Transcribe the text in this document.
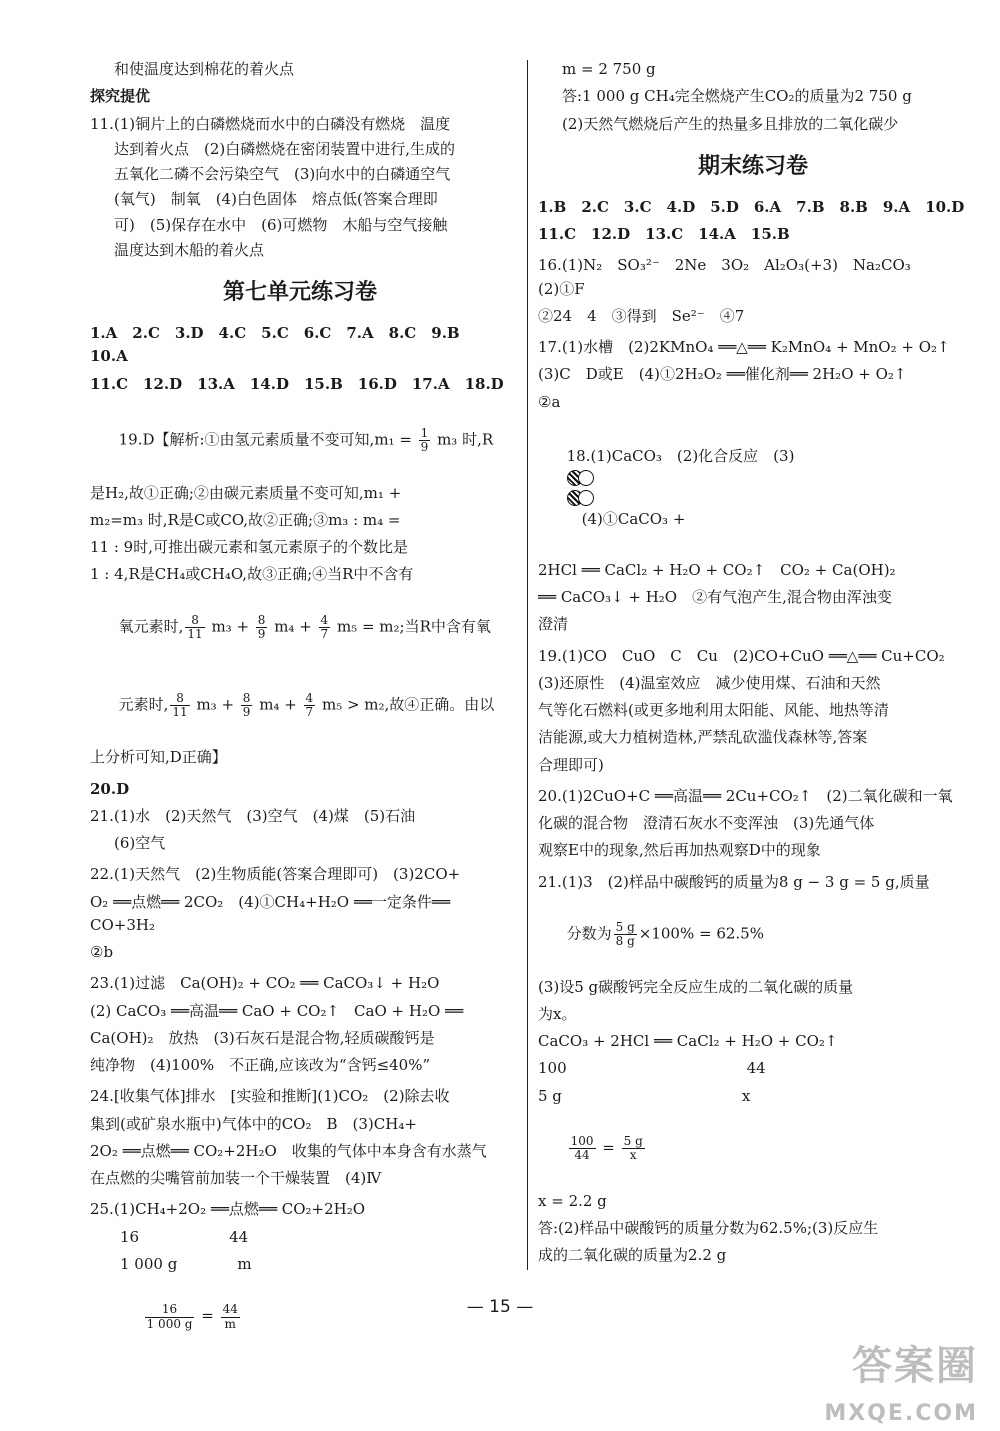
和使温度达到棉花的着火点
探究提优
11.(1)铜片上的白磷燃烧而水中的白磷没有燃烧　温度
达到着火点　(2)白磷燃烧在密闭装置中进行,生成的
五氧化二磷不会污染空气　(3)向水中的白磷通空气
(氧气)　制氧　(4)白色固体　熔点低(答案合理即
可)　(5)保存在水中　(6)可燃物　木船与空气接触
温度达到木船的着火点
第七单元练习卷
1.A　2.C　3.D　4.C　5.C　6.C　7.A　8.C　9.B　10.A
11.C　12.D　13.A　14.D　15.B　16.D　17.A　18.D

19.D【解析:①由氢元素质量不变可知$,m_1 = \frac{1}{9} m_3$ 时,R

是H₂,故①正确;②由碳元素质量不变可知,m₁ +
m₂=m₃ 时,R是C或CO,故②正确;③m₃ : m₄ =
11 : 9时,可推出碳元素和氢元素原子的个数比是
1 : 4,R是CH₄或CH₄O,故③正确;④当R中不含有

氧元素时, $\frac{8}{11} m_3 + \frac{8}{9} m_4 + \frac{4}{7} m_5 = m_2$;当R中含有氧

元素时, $\frac{8}{11} m_3 + \frac{8}{9} m_4 + \frac{4}{7} m_5 > m_2$,故④正确。由以

上分析可知,D正确】
20.D
21.(1)水　(2)天然气　(3)空气　(4)煤　(5)石油
(6)空气
22.(1)天然气　(2)生物质能(答案合理即可)　(3)2CO+
O₂ ══点燃══ 2CO₂　(4)①CH₄+H₂O ══一定条件══ CO+3H₂
②b
23.(1)过滤　Ca(OH)₂ + CO₂ ══ CaCO₃↓ + H₂O
(2) CaCO₃ ══高温══ CaO + CO₂↑　CaO + H₂O ══
Ca(OH)₂　放热　(3)石灰石是混合物,轻质碳酸钙是
纯净物　(4)100%　不正确,应该改为“含钙≤40%”
24.[收集气体]排水　[实验和推断](1)CO₂　(2)除去收
集到(或矿泉水瓶中)气体中的CO₂　B　(3)CH₄+
2O₂ ══点燃══ CO₂+2H₂O　收集的气体中本身含有水蒸气
在点燃的尖嘴管前加装一个干燥装置　(4)Ⅳ
25.(1)CH₄+2O₂ ══点燃══ CO₂+2H₂O
　　16　　　　　　44
　　1 000 g　　　　m

$\frac{16}{1 000 g} = \frac{44}{m}$

m = 2 750 g
答:1 000 g CH₄完全燃烧产生CO₂的质量为2 750 g
(2)天然气燃烧后产生的热量多且排放的二氧化碳少
期末练习卷
1.B　2.C　3.C　4.D　5.D　6.A　7.B　8.B　9.A　10.D
11.C　12.D　13.C　14.A　15.B
16.(1)N₂　SO₃²⁻　2Ne　3O₂　Al₂O₃(+3)　Na₂CO₃　(2)①F
②24　4　③得到　Se²⁻　④7
17.(1)水槽　(2)2KMnO₄ ══△══ K₂MnO₄ + MnO₂ + O₂↑
(3)C　D或E　(4)①2H₂O₂ ══催化剂══ 2H₂O + O₂↑
②a

18.(1)CaCO₃　(2)化合反应　(3)

　(4)①CaCO₃ +

2HCl ══ CaCl₂ + H₂O + CO₂↑　CO₂ + Ca(OH)₂
══ CaCO₃↓ + H₂O　②有气泡产生,混合物由浑浊变
澄清
19.(1)CO　CuO　C　Cu　(2)CO+CuO ══△══ Cu+CO₂
(3)还原性　(4)温室效应　减少使用煤、石油和天然
气等化石燃料(或更多地利用太阳能、风能、地热等清
洁能源,或大力植树造林,严禁乱砍滥伐森林等,答案
合理即可)
20.(1)2CuO+C ══高温══ 2Cu+CO₂↑　(2)二氧化碳和一氧
化碳的混合物　澄清石灰水不变浑浊　(3)先通气体
观察E中的现象,然后再加热观察D中的现象
21.(1)3　(2)样品中碳酸钙的质量为8 g − 3 g = 5 g,质量

分数为 $\frac{5 g}{8 g} \times 100\% = 62.5\%$

(3)设5 g碳酸钙完全反应生成的二氧化碳的质量
为x。
CaCO₃ + 2HCl ══ CaCl₂ + H₂O + CO₂↑
100　　　　　　　　　　　　44
5 g　　　　　　　　　　　　x

$\frac{100}{44} = \frac{5 g}{x}$

x = 2.2 g
答:(2)样品中碳酸钙的质量分数为62.5%;(3)反应生
成的二氧化碳的质量为2.2 g
— 15 —
答案圈
MXQE.COM
